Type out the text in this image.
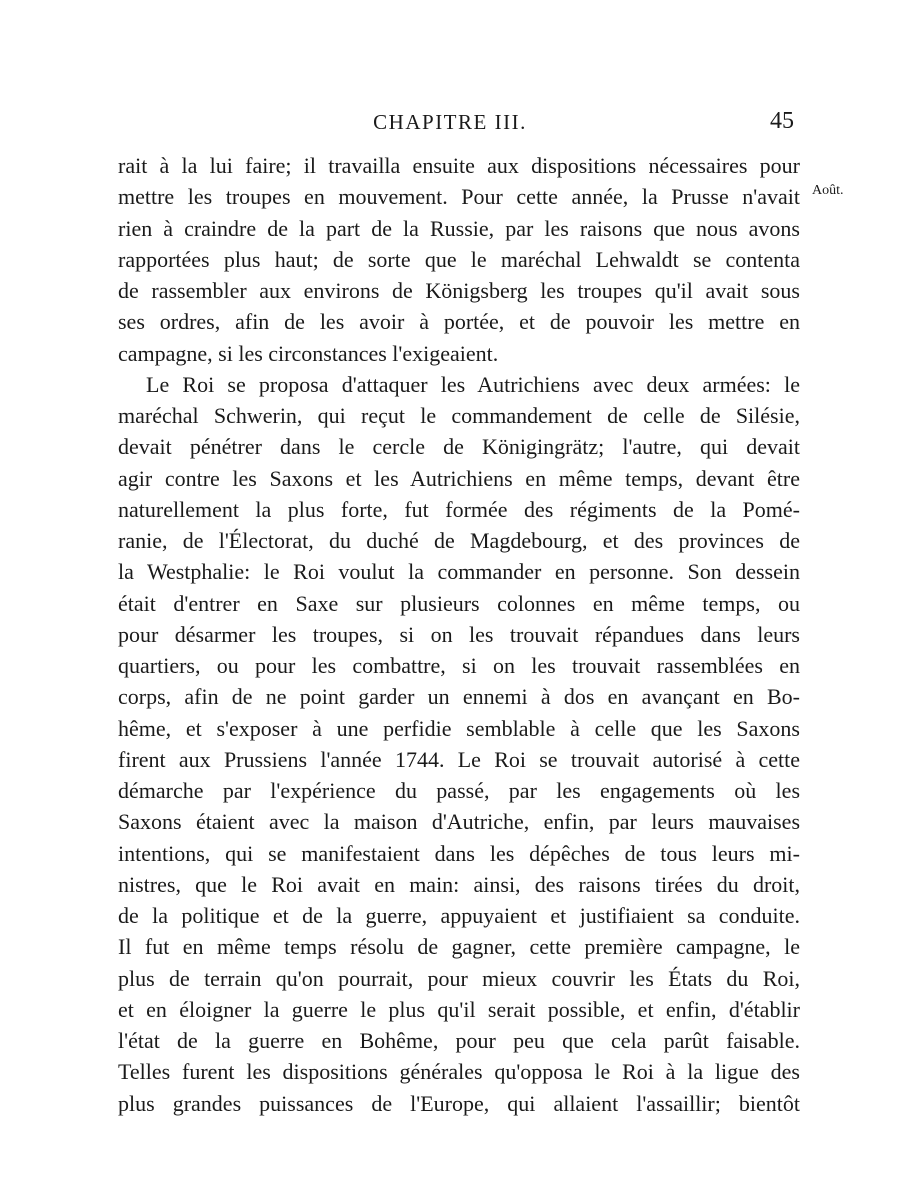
CHAPITRE III.	45
Août.
rait à la lui faire; il travailla ensuite aux dispositions nécessaires pour
mettre les troupes en mouvement. Pour cette année, la Prusse n'avait
rien à craindre de la part de la Russie, par les raisons que nous avons
rapportées plus haut; de sorte que le maréchal Lehwaldt se contenta
de rassembler aux environs de Königsberg les troupes qu'il avait sous
ses ordres, afin de les avoir à portée, et de pouvoir les mettre en
campagne, si les circonstances l'exigeaient.
Le Roi se proposa d'attaquer les Autrichiens avec deux armées: le
maréchal Schwerin, qui reçut le commandement de celle de Silésie,
devait pénétrer dans le cercle de Königingrätz; l'autre, qui devait
agir contre les Saxons et les Autrichiens en même temps, devant être
naturellement la plus forte, fut formée des régiments de la Pomé-
ranie, de l'Électorat, du duché de Magdebourg, et des provinces de
la Westphalie: le Roi voulut la commander en personne. Son dessein
était d'entrer en Saxe sur plusieurs colonnes en même temps, ou
pour désarmer les troupes, si on les trouvait répandues dans leurs
quartiers, ou pour les combattre, si on les trouvait rassemblées en
corps, afin de ne point garder un ennemi à dos en avançant en Bo-
hême, et s'exposer à une perfidie semblable à celle que les Saxons
firent aux Prussiens l'année 1744. Le Roi se trouvait autorisé à cette
démarche par l'expérience du passé, par les engagements où les
Saxons étaient avec la maison d'Autriche, enfin, par leurs mauvaises
intentions, qui se manifestaient dans les dépêches de tous leurs mi-
nistres, que le Roi avait en main: ainsi, des raisons tirées du droit,
de la politique et de la guerre, appuyaient et justifiaient sa conduite.
Il fut en même temps résolu de gagner, cette première campagne, le
plus de terrain qu'on pourrait, pour mieux couvrir les États du Roi,
et en éloigner la guerre le plus qu'il serait possible, et enfin, d'établir
l'état de la guerre en Bohême, pour peu que cela parût faisable.
Telles furent les dispositions générales qu'opposa le Roi à la ligue des
plus grandes puissances de l'Europe, qui allaient l'assaillir; bientôt
